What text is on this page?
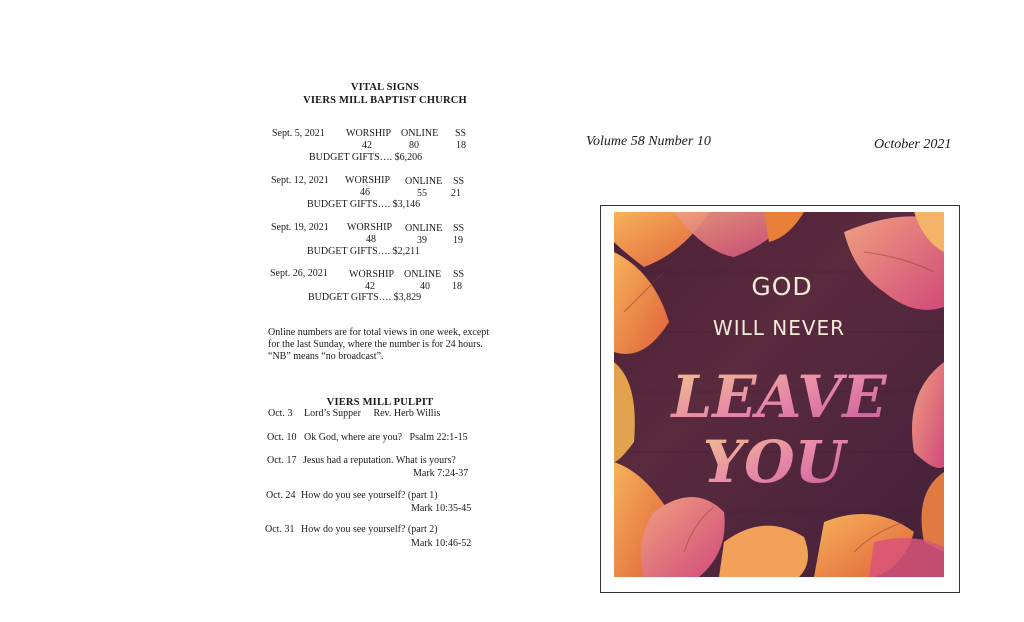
VITAL SIGNS
VIERS MILL BAPTIST CHURCH
Sept. 5, 2021 WORSHIP ONLINE SS
42	80	18
BUDGET GIFTS…. $6,206
Sept. 12, 2021 WORSHIP ONLINE SS
46	55 21
BUDGET GIFTS…. $3,146
Sept. 19, 2021 WORSHIP ONLINE SS
48	39	19
BUDGET GIFTS…. $2,211
Sept. 26, 2021 WORSHIP ONLINE SS
42	40 18
BUDGET GIFTS…. $3,829
Online numbers are for total views in one week, except
for the last Sunday, where the number is for 24 hours.
“NB” means “no broadcast”.
VIERS MILL PULPIT
Oct. 3 Lord’s Supper     Rev. Herb Willis
Oct. 10 Ok God, where are you?   Psalm 22:1-15
Oct. 17 Jesus had a reputation. What is yours?
Mark 7:24-37
Oct. 24 How do you see yourself? (part 1)
Mark 10:35-45
Oct. 31 How do you see yourself? (part 2)
Mark 10:46-52
Volume 58 Number 10	October 2021
GOD
WILL NEVER
LEAVE
YOU
